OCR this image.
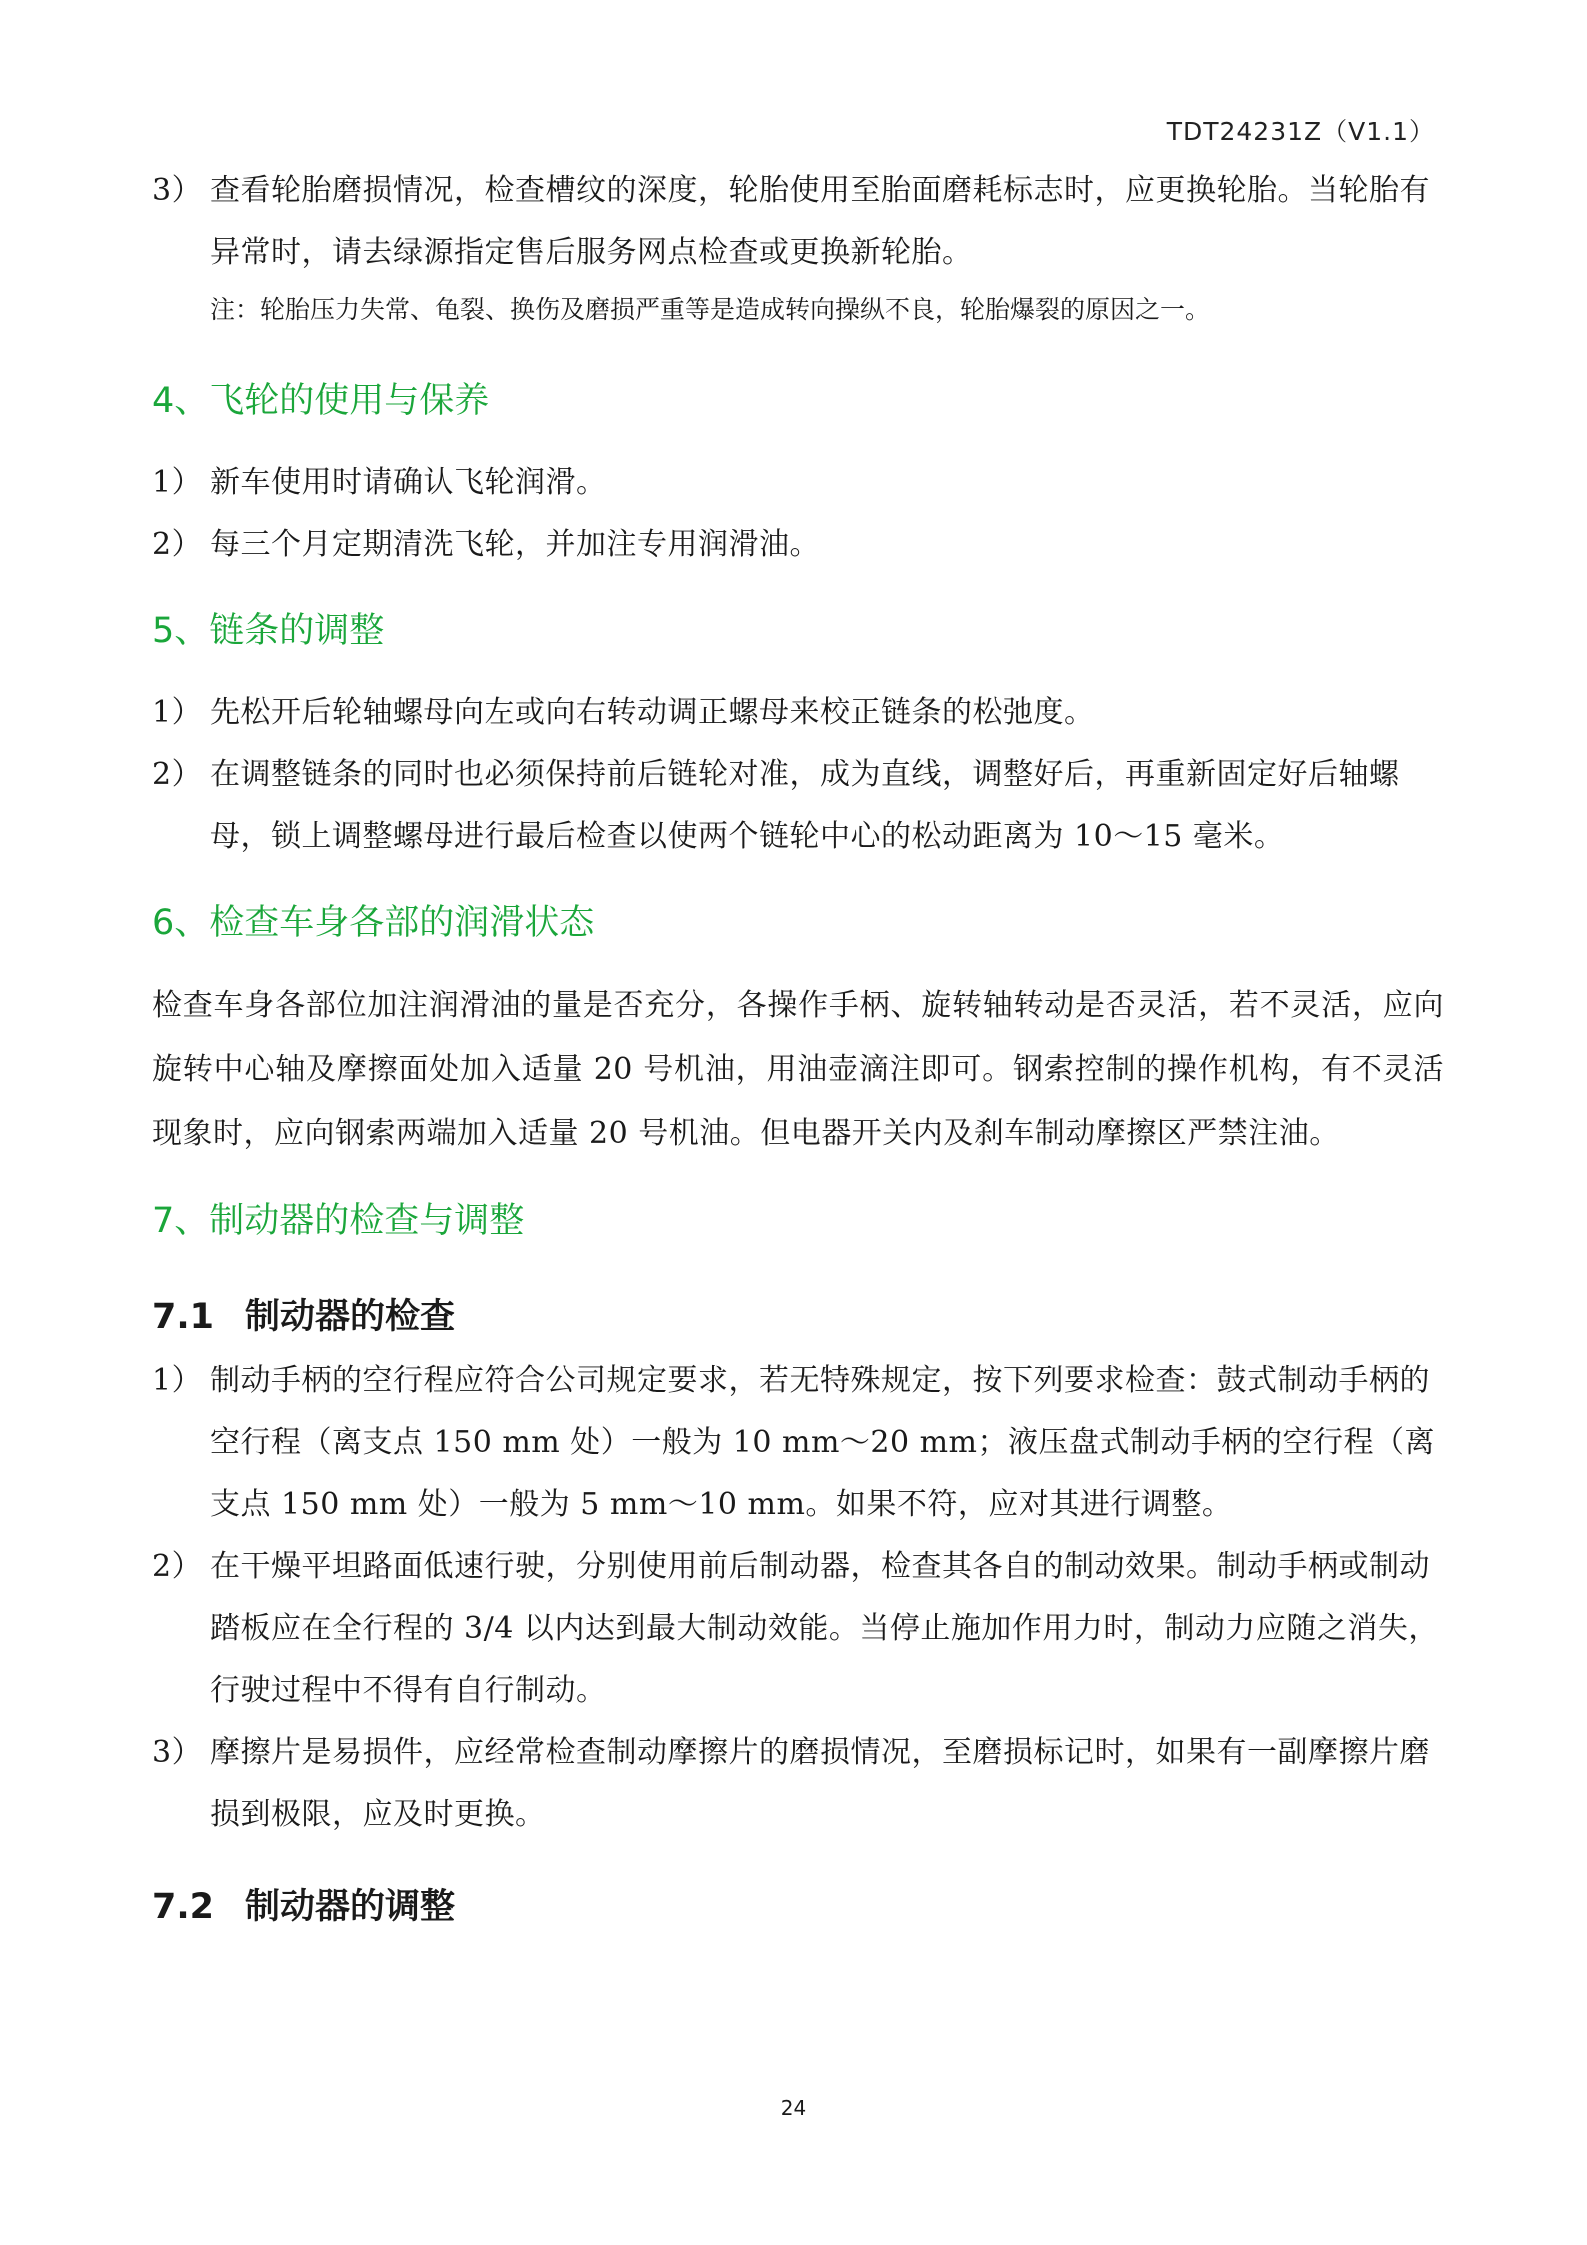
TDT24231Z（V1.1）
3） 查看轮胎磨损情况，检查槽纹的深度，轮胎使用至胎面磨耗标志时，应更换轮胎。当轮胎有异常时，请去绿源指定售后服务网点检查或更换新轮胎。
注：轮胎压力失常、龟裂、换伤及磨损严重等是造成转向操纵不良，轮胎爆裂的原因之一。
4、飞轮的使用与保养
1） 新车使用时请确认飞轮润滑。
2） 每三个月定期清洗飞轮，并加注专用润滑油。
5、链条的调整
1） 先松开后轮轴螺母向左或向右转动调正螺母来校正链条的松弛度。
2） 在调整链条的同时也必须保持前后链轮对准，成为直线，调整好后，再重新固定好后轴螺母，锁上调整螺母进行最后检查以使两个链轮中心的松动距离为 10～15 毫米。
6、检查车身各部的润滑状态
检查车身各部位加注润滑油的量是否充分，各操作手柄、旋转轴转动是否灵活，若不灵活，应向旋转中心轴及摩擦面处加入适量 20 号机油，用油壶滴注即可。钢索控制的操作机构，有不灵活现象时，应向钢索两端加入适量 20 号机油。但电器开关内及刹车制动摩擦区严禁注油。
7、制动器的检查与调整
7.1 制动器的检查
1） 制动手柄的空行程应符合公司规定要求，若无特殊规定，按下列要求检查：鼓式制动手柄的空行程（离支点 150 mm 处）一般为 10 mm～20 mm；液压盘式制动手柄的空行程（离支点 150 mm 处）一般为 5 mm～10 mm。如果不符，应对其进行调整。
2） 在干燥平坦路面低速行驶，分别使用前后制动器，检查其各自的制动效果。制动手柄或制动踏板应在全行程的 3/4 以内达到最大制动效能。当停止施加作用力时，制动力应随之消失，行驶过程中不得有自行制动。
3） 摩擦片是易损件，应经常检查制动摩擦片的磨损情况，至磨损标记时，如果有一副摩擦片磨损到极限，应及时更换。
7.2 制动器的调整
24
